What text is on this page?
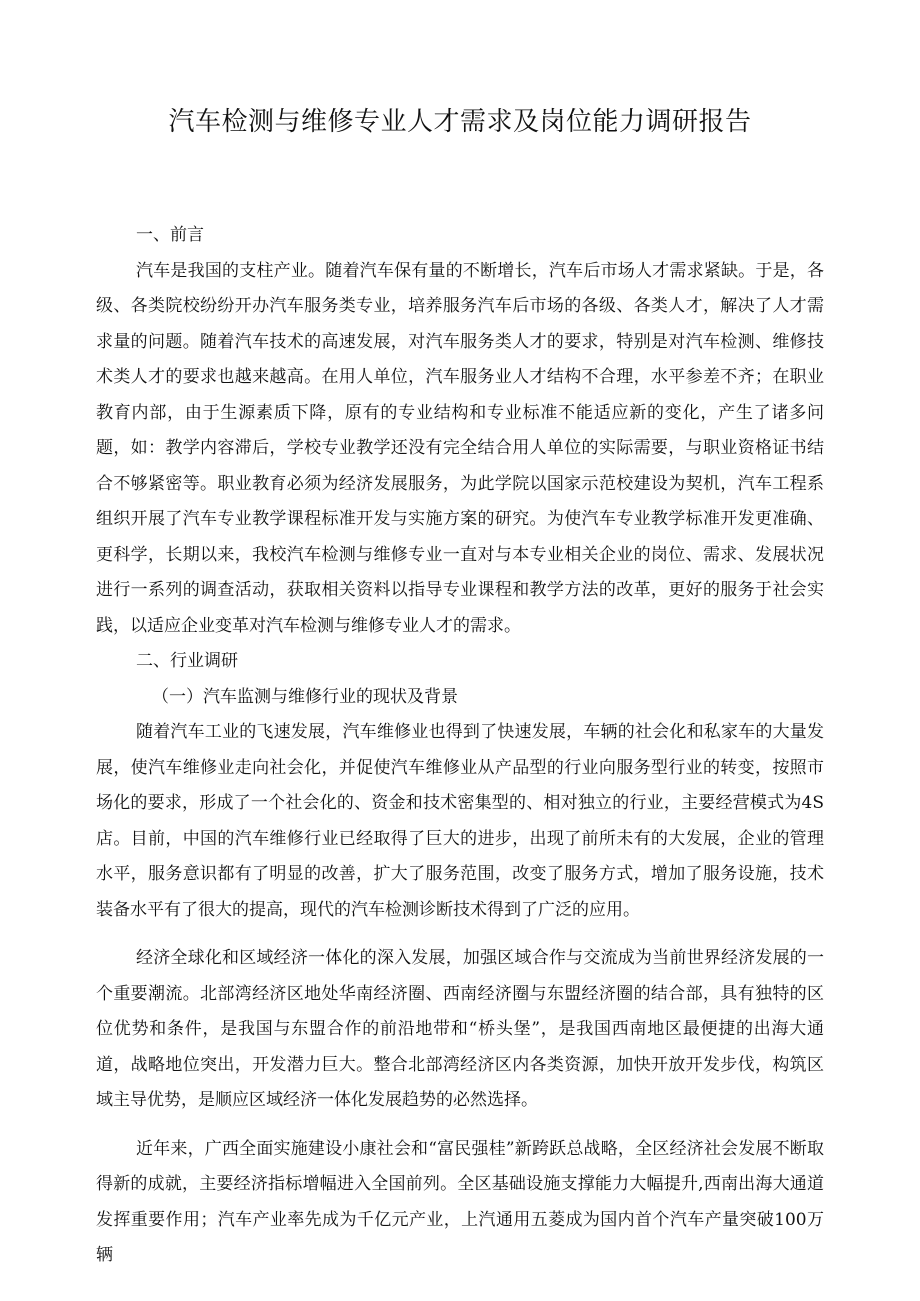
汽车检测与维修专业人才需求及岗位能力调研报告

一、前言

汽车是我国的支柱产业。随着汽车保有量的不断增长，汽车后市场人才需求紧缺。于是，各级、各类院校纷纷开办汽车服务类专业，培养服务汽车后市场的各级、各类人才，解决了人才需求量的问题。随着汽车技术的高速发展，对汽车服务类人才的要求，特别是对汽车检测、维修技术类人才的要求也越来越高。在用人单位，汽车服务业人才结构不合理，水平参差不齐；在职业教育内部，由于生源素质下降，原有的专业结构和专业标准不能适应新的变化，产生了诸多问题，如：教学内容滞后，学校专业教学还没有完全结合用人单位的实际需要，与职业资格证书结合不够紧密等。职业教育必须为经济发展服务，为此学院以国家示范校建设为契机，汽车工程系组织开展了汽车专业教学课程标准开发与实施方案的研究。为使汽车专业教学标准开发更准确、更科学，长期以来，我校汽车检测与维修专业一直对与本专业相关企业的岗位、需求、发展状况进行一系列的调查活动，获取相关资料以指导专业课程和教学方法的改革，更好的服务于社会实践，以适应企业变革对汽车检测与维修专业人才的需求。

二、行业调研

（一）汽车监测与维修行业的现状及背景

随着汽车工业的飞速发展，汽车维修业也得到了快速发展，车辆的社会化和私家车的大量发展，使汽车维修业走向社会化，并促使汽车维修业从产品型的行业向服务型行业的转变，按照市场化的要求，形成了一个社会化的、资金和技术密集型的、相对独立的行业，主要经营模式为4S店。目前，中国的汽车维修行业已经取得了巨大的进步，出现了前所未有的大发展，企业的管理水平，服务意识都有了明显的改善，扩大了服务范围，改变了服务方式，增加了服务设施，技术装备水平有了很大的提高，现代的汽车检测诊断技术得到了广泛的应用。

经济全球化和区域经济一体化的深入发展，加强区域合作与交流成为当前世界经济发展的一个重要潮流。北部湾经济区地处华南经济圈、西南经济圈与东盟经济圈的结合部，具有独特的区位优势和条件，是我国与东盟合作的前沿地带和“桥头堡”，是我国西南地区最便捷的出海大通道，战略地位突出，开发潜力巨大。整合北部湾经济区内各类资源，加快开放开发步伐，构筑区域主导优势，是顺应区域经济一体化发展趋势的必然选择。

近年来，广西全面实施建设小康社会和“富民强桂”新跨跃总战略，全区经济社会发展不断取得新的成就，主要经济指标增幅进入全国前列。全区基础设施支撑能力大幅提升,西南出海大通道发挥重要作用；汽车产业率先成为千亿元产业，上汽通用五菱成为国内首个汽车产量突破100万辆
